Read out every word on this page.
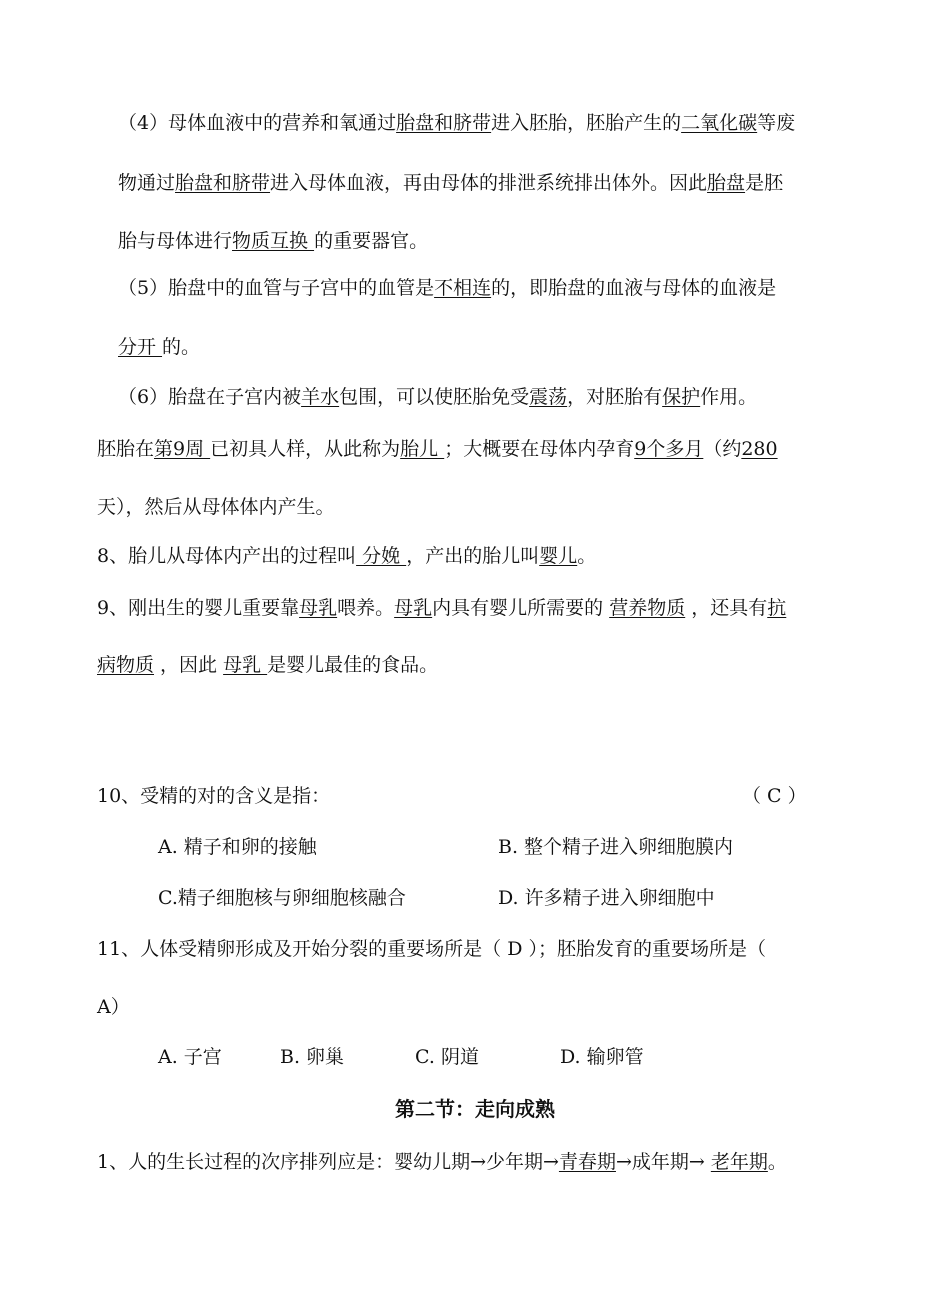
（4）母体血液中的营养和氧通过胎盘和脐带进入胚胎，胚胎产生的二氧化碳等废
物通过胎盘和脐带进入母体血液，再由母体的排泄系统排出体外。因此胎盘是胚
胎与母体进行物质互换 的重要器官。
（5）胎盘中的血管与子宫中的血管是不相连的，即胎盘的血液与母体的血液是
分开 的。
（6）胎盘在子宫内被羊水包围，可以使胚胎免受震荡，对胚胎有保护作用。
胚胎在第9周 已初具人样，从此称为胎儿 ；大概要在母体内孕育9个多月（约280
天），然后从母体体内产生。
8、胎儿从母体内产出的过程叫 分娩 ，产出的胎儿叫婴儿。
9、刚出生的婴儿重要靠母乳喂养。母乳内具有婴儿所需要的 营养物质 ，还具有抗
病物质 ，因此 母乳 是婴儿最佳的食品。
10、受精的对的含义是指：	（ C ）
A. 精子和卵的接触	B. 整个精子进入卵细胞膜内
C.精子细胞核与卵细胞核融合	D. 许多精子进入卵细胞中
11、人体受精卵形成及开始分裂的重要场所是（ D ）；胚胎发育的重要场所是（
A）
A. 子宫	B. 卵巢	C. 阴道	D. 输卵管
第二节：走向成熟
1、人的生长过程的次序排列应是：婴幼儿期→少年期→青春期→成年期→ 老年期。
